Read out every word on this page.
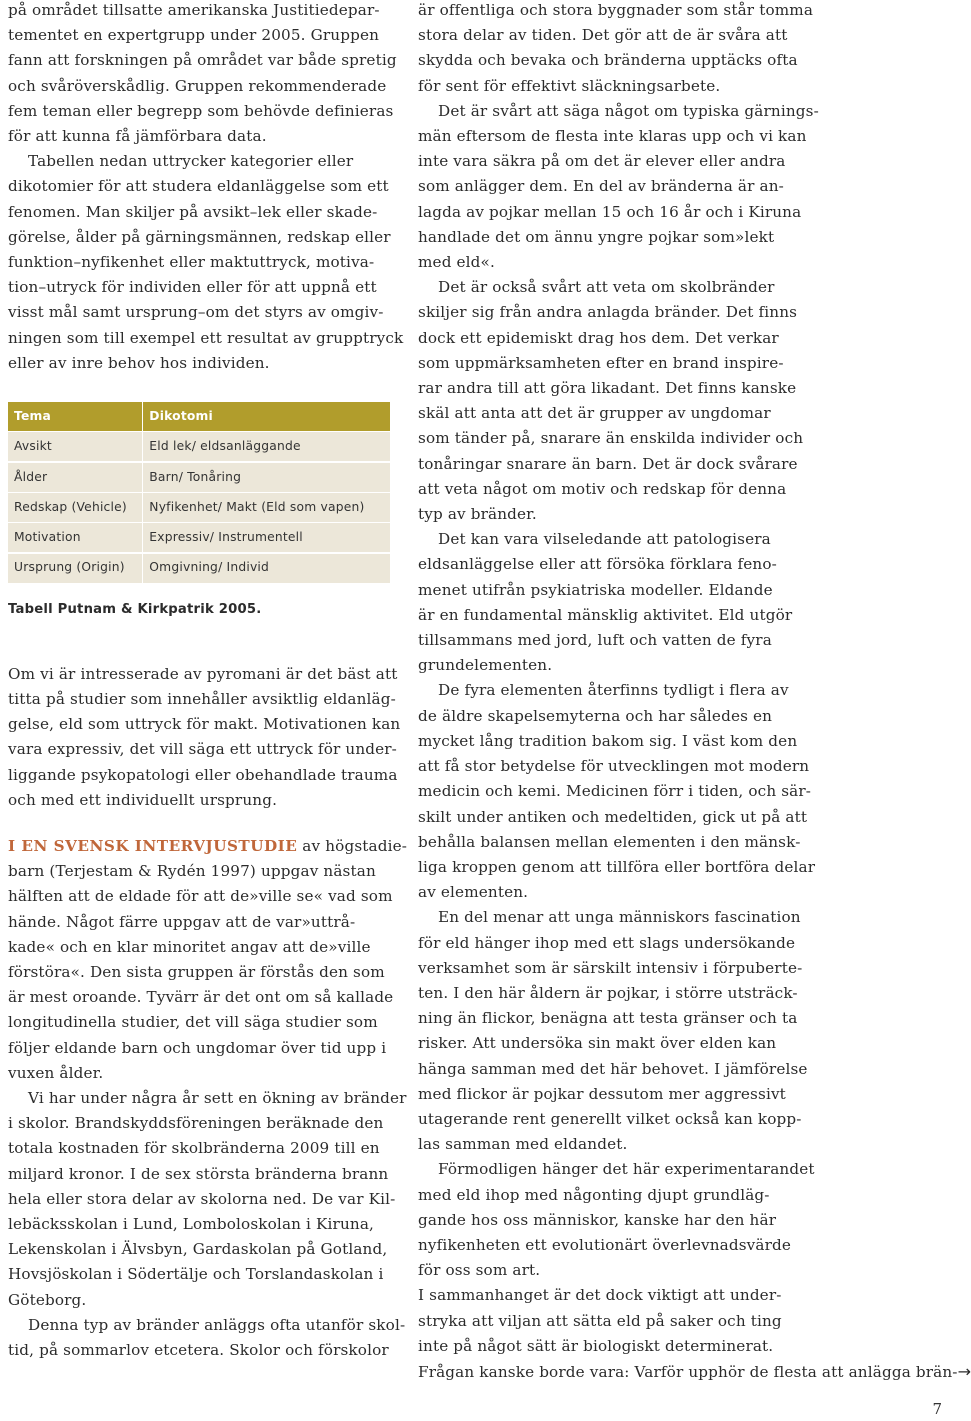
på området tillsatte amerikanska Justitiedepar-
tementet en expertgrupp under 2005. Gruppen
fann att forskningen på området var både spretig
och svåröverskådlig. Gruppen rekommenderade
fem teman eller begrepp som behövde definieras
för att kunna få jämförbara data.

Tabellen nedan uttrycker kategorier eller
dikotomier för att studera eldanläggelse som ett
fenomen. Man skiljer på avsikt–lek eller skade-
görelse, ålder på gärningsmännen, redskap eller
funktion–nyfikenhet eller maktuttryck, motiva-
tion–utryck för individen eller för att uppnå ett
visst mål samt ursprung–om det styrs av omgiv-
ningen som till exempel ett resultat av grupptryck
eller av inre behov hos individen.

Tema	Dikotomi
Avsikt	Eld lek/ eldsanläggande
Ålder	Barn/ Tonåring
Redskap (Vehicle)	Nyfikenhet/ Makt (Eld som vapen)
Motivation	Expressiv/ Instrumentell
Ursprung (Origin)	Omgivning/ Individ
Tabell Putnam & Kirkpatrik 2005.

Om vi är intresserade av pyromani är det bäst att
titta på studier som innehåller avsiktlig eldanläg-
gelse, eld som uttryck för makt. Motivationen kan
vara expressiv, det vill säga ett uttryck för under-
liggande psykopatologi eller obehandlade trauma
och med ett individuellt ursprung.

I EN SVENSK INTERVJUSTUDIE av högstadie-
barn (Terjestam & Rydén 1997) uppgav nästan
hälften att de eldade för att de»ville se« vad som
hände. Något färre uppgav att de var»uttrå-
kade« och en klar minoritet angav att de»ville
förstöra«. Den sista gruppen är förstås den som
är mest oroande. Tyvärr är det ont om så kallade
longitudinella studier, det vill säga studier som
följer eldande barn och ungdomar över tid upp i
vuxen ålder.

Vi har under några år sett en ökning av bränder
i skolor. Brandskyddsföreningen beräknade den
totala kostnaden för skolbränderna 2009 till en
miljard kronor. I de sex största bränderna brann
hela eller stora delar av skolorna ned. De var Kil-
lebäcksskolan i Lund, Lomboloskolan i Kiruna,
Lekenskolan i Älvsbyn, Gardaskolan på Gotland,
Hovsjöskolan i Södertälje och Torslandaskolan i
Göteborg.

Denna typ av bränder anläggs ofta utanför skol-
tid, på sommarlov etcetera. Skolor och förskolor

är offentliga och stora byggnader som står tomma
stora delar av tiden. Det gör att de är svåra att
skydda och bevaka och bränderna upptäcks ofta
för sent för effektivt släckningsarbete.

Det är svårt att säga något om typiska gärnings-
män eftersom de flesta inte klaras upp och vi kan
inte vara säkra på om det är elever eller andra
som anlägger dem. En del av bränderna är an-
lagda av pojkar mellan 15 och 16 år och i Kiruna
handlade det om ännu yngre pojkar som»lekt
med eld«.

Det är också svårt att veta om skolbränder
skiljer sig från andra anlagda bränder. Det finns
dock ett epidemiskt drag hos dem. Det verkar
som uppmärksamheten efter en brand inspire-
rar andra till att göra likadant. Det finns kanske
skäl att anta att det är grupper av ungdomar
som tänder på, snarare än enskilda individer och
tonåringar snarare än barn. Det är dock svårare
att veta något om motiv och redskap för denna
typ av bränder.

Det kan vara vilseledande att patologisera
eldsanläggelse eller att försöka förklara feno-
menet utifrån psykiatriska modeller. Eldande
är en fundamental mänsklig aktivitet. Eld utgör
tillsammans med jord, luft och vatten de fyra
grundelementen.

De fyra elementen återfinns tydligt i flera av
de äldre skapelsemyterna och har således en
mycket lång tradition bakom sig. I väst kom den
att få stor betydelse för utvecklingen mot modern
medicin och kemi. Medicinen förr i tiden, och sär-
skilt under antiken och medeltiden, gick ut på att
behålla balansen mellan elementen i den mänsk-
liga kroppen genom att tillföra eller bortföra delar
av elementen.

En del menar att unga människors fascination
för eld hänger ihop med ett slags undersökande
verksamhet som är särskilt intensiv i förpuberte-
ten. I den här åldern är pojkar, i större utsträck-
ning än flickor, benägna att testa gränser och ta
risker. Att undersöka sin makt över elden kan
hänga samman med det här behovet. I jämförelse
med flickor är pojkar dessutom mer aggressivt
utagerande rent generellt vilket också kan kopp-
las samman med eldandet.

Förmodligen hänger det här experimentarandet
med eld ihop med någonting djupt grundläg-
gande hos oss människor, kanske har den här
nyfikenheten ett evolutionärt överlevnadsvärde
för oss som art.

I sammanhanget är det dock viktigt att under-
stryka att viljan att sätta eld på saker och ting
inte på något sätt är biologiskt determinerat.
Frågan kanske borde vara: Varför upphör de flesta att anlägga brän-→

7
